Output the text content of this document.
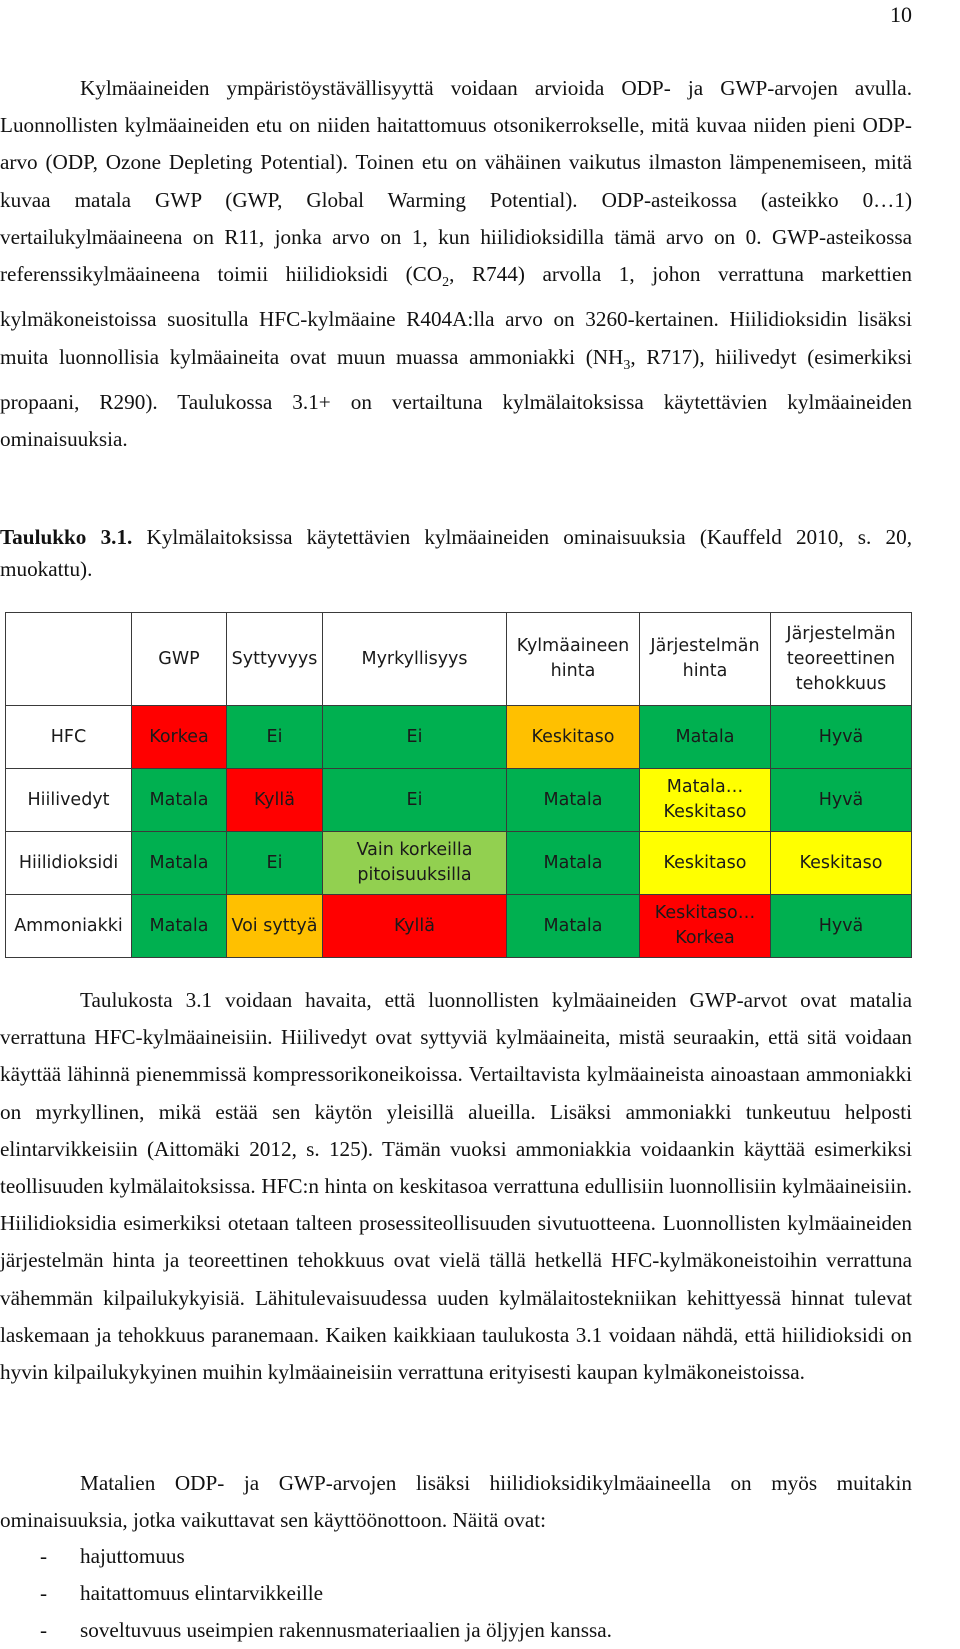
10

Kylmäaineiden ympäristöystävällisyyttä voidaan arvioida ODP- ja GWP-arvojen avulla. Luonnollisten kylmäaineiden etu on niiden haitattomuus otsonikerrokselle, mitä kuvaa niiden pieni ODP-arvo (ODP, Ozone Depleting Potential). Toinen etu on vähäinen vaikutus ilmaston lämpenemiseen, mitä kuvaa matala GWP (GWP, Global Warming Potential). ODP-asteikossa (asteikko 0…1) vertailukylmäaineena on R11, jonka arvo on 1, kun hiilidioksidilla tämä arvo on 0. GWP-asteikossa referenssikylmäaineena toimii hiilidioksidi ($CO_2$, R744) arvolla 1, johon verrattuna markettien kylmäkoneistoissa suositulla HFC-kylmäaine R404A:lla arvo on 3260-kertainen. Hiilidioksidin lisäksi muita luonnollisia kylmäaineita ovat muun muassa ammoniakki ($NH_3$, R717), hiilivedyt (esimerkiksi propaani, R290). Taulukossa 3.1+ on vertailtuna kylmälaitoksissa käytettävien kylmäaineiden ominaisuuksia.

Taulukko 3.1. Kylmälaitoksissa käytettävien kylmäaineiden ominaisuuksia (Kauffeld 2010, s. 20, muokattu).

	GWP	Syttyvyys	Myrkyllisyys	Kylmäaineen hinta	Järjestelmän hinta	Järjestelmän teoreettinen tehokkuus
HFC	Korkea	Ei	Ei	Keskitaso	Matala	Hyvä
Hiilivedyt	Matala	Kyllä	Ei	Matala	Matala… Keskitaso	Hyvä
Hiilidioksidi	Matala	Ei	Vain korkeilla pitoisuuksilla	Matala	Keskitaso	Keskitaso
Ammoniakki	Matala	Voi syttyä	Kyllä	Matala	Keskitaso… Korkea	Hyvä

Taulukosta 3.1 voidaan havaita, että luonnollisten kylmäaineiden GWP-arvot ovat matalia verrattuna HFC-kylmäaineisiin. Hiilivedyt ovat syttyviä kylmäaineita, mistä seuraakin, että sitä voidaan käyttää lähinnä pienemmissä kompressorikoneikoissa. Vertailtavista kylmäaineista ainoastaan ammoniakki on myrkyllinen, mikä estää sen käytön yleisillä alueilla. Lisäksi ammoniakki tunkeutuu helposti elintarvikkeisiin (Aittomäki 2012, s. 125). Tämän vuoksi ammoniakkia voidaankin käyttää esimerkiksi teollisuuden kylmälaitoksissa. HFC:n hinta on keskitasoa verrattuna edullisiin luonnollisiin kylmäaineisiin. Hiilidioksidia esimerkiksi otetaan talteen prosessiteollisuuden sivutuotteena. Luonnollisten kylmäaineiden järjestelmän hinta ja teoreettinen tehokkuus ovat vielä tällä hetkellä HFC-kylmäkoneistoihin verrattuna vähemmän kilpailukykyisiä. Lähitulevaisuudessa uuden kylmälaitostekniikan kehittyessä hinnat tulevat laskemaan ja tehokkuus paranemaan. Kaiken kaikkiaan taulukosta 3.1 voidaan nähdä, että hiilidioksidi on hyvin kilpailukykyinen muihin kylmäaineisiin verrattuna erityisesti kaupan kylmäkoneistoissa.

Matalien ODP- ja GWP-arvojen lisäksi hiilidioksidikylmäaineella on myös muitakin ominaisuuksia, jotka vaikuttavat sen käyttöönottoon. Näitä ovat:

- hajuttomuus
- haitattomuus elintarvikkeille
- soveltuvuus useimpien rakennusmateriaalien ja öljyjen kanssa.
